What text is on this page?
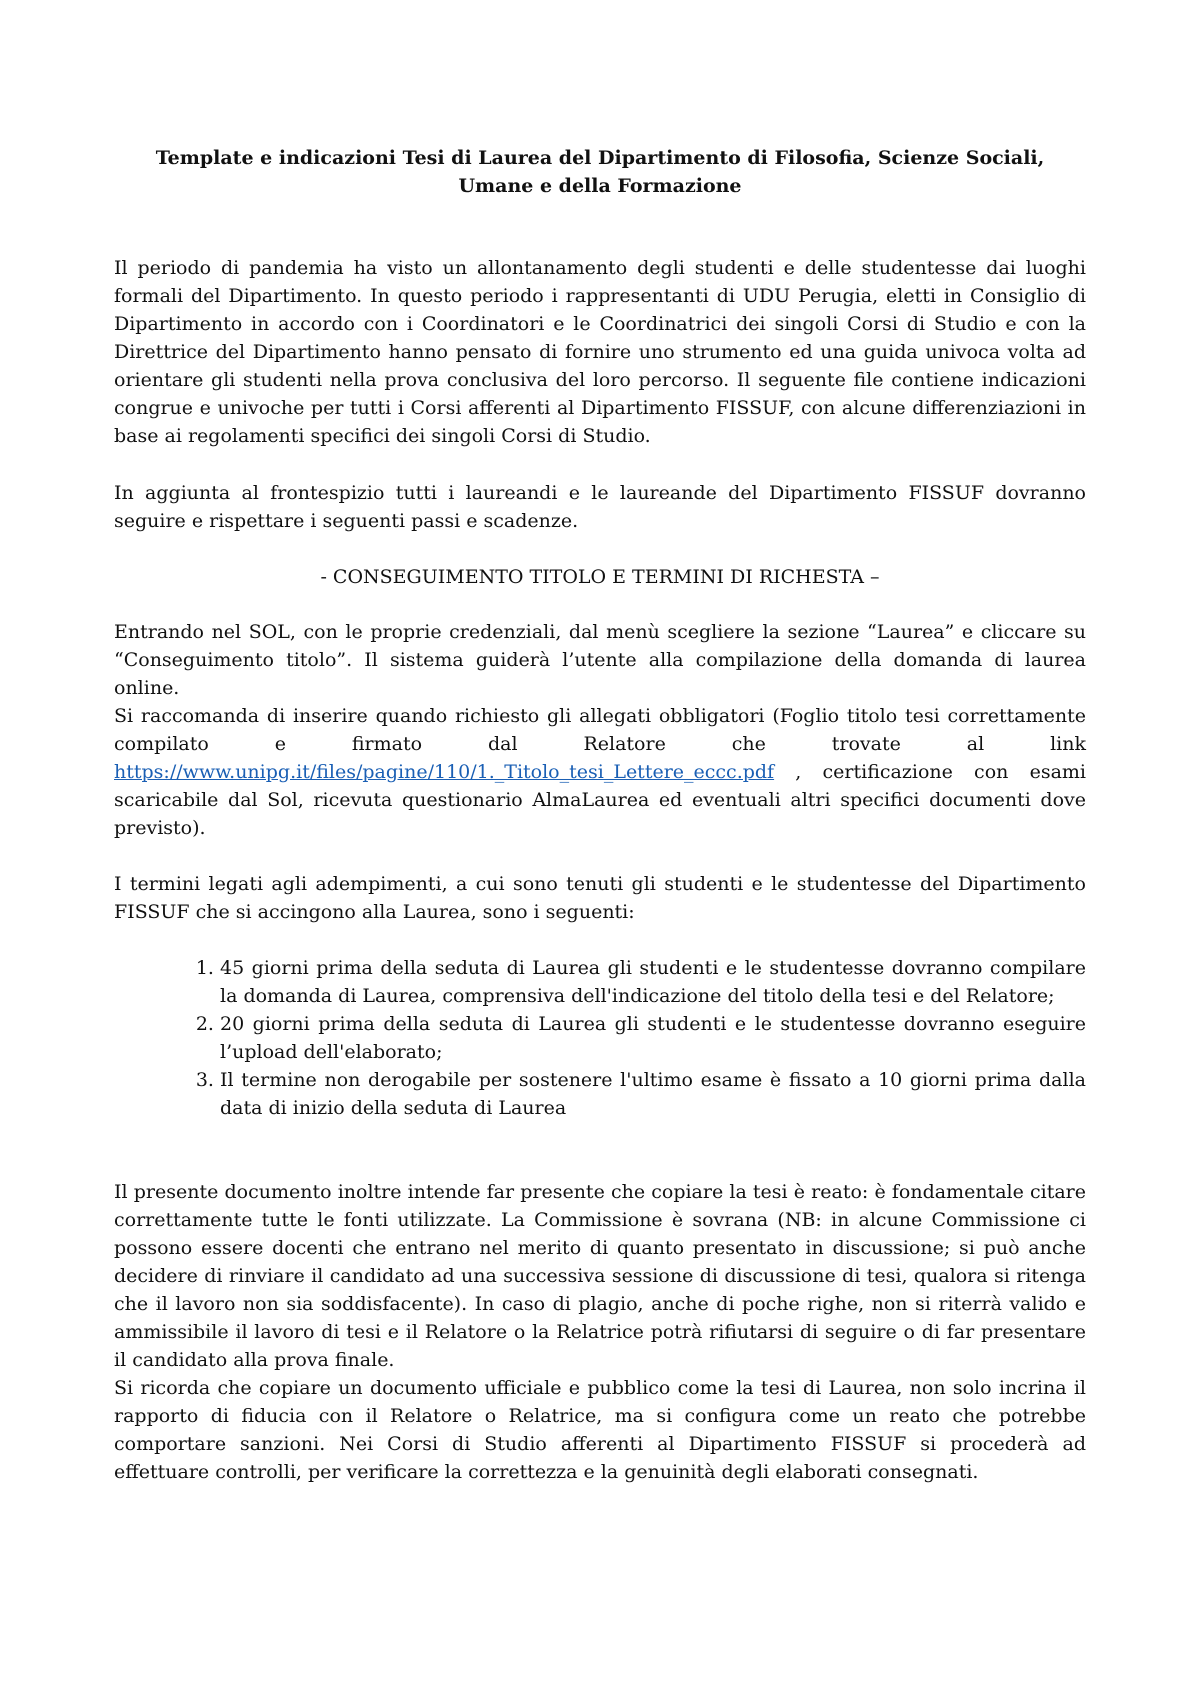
Template e indicazioni Tesi di Laurea del Dipartimento di Filosofia, Scienze Sociali,
Umane e della Formazione

Il periodo di pandemia ha visto un allontanamento degli studenti e delle studentesse dai luoghi formali del Dipartimento. In questo periodo i rappresentanti di UDU Perugia, eletti in Consiglio di Dipartimento in accordo con i Coordinatori e le Coordinatrici dei singoli Corsi di Studio e con la Direttrice del Dipartimento hanno pensato di fornire uno strumento ed una guida univoca volta ad orientare gli studenti nella prova conclusiva del loro percorso. Il seguente file contiene indicazioni congrue e univoche per tutti i Corsi afferenti al Dipartimento FISSUF, con alcune differenziazioni in base ai regolamenti specifici dei singoli Corsi di Studio.

In aggiunta al frontespizio tutti i laureandi e le laureande del Dipartimento FISSUF dovranno seguire e rispettare i seguenti passi e scadenze.

- CONSEGUIMENTO TITOLO E TERMINI DI RICHESTA –

Entrando nel SOL, con le proprie credenziali, dal menù scegliere la sezione “Laurea” e cliccare su “Conseguimento titolo”. Il sistema guiderà l’utente alla compilazione della domanda di laurea online.

Si raccomanda di inserire quando richiesto gli allegati obbligatori (Foglio titolo tesi correttamente compilato e firmato dal Relatore che trovate al link https://www.unipg.it/files/pagine/110/1._Titolo_tesi_Lettere_eccc.pdf , certificazione con esami scaricabile dal Sol, ricevuta questionario AlmaLaurea ed eventuali altri specifici documenti dove previsto).

I termini legati agli adempimenti, a cui sono tenuti gli studenti e le studentesse del Dipartimento FISSUF che si accingono alla Laurea, sono i seguenti:

1. 45 giorni prima della seduta di Laurea gli studenti e le studentesse dovranno compilare la domanda di Laurea, comprensiva dell'indicazione del titolo della tesi e del Relatore;
2. 20 giorni prima della seduta di Laurea gli studenti e le studentesse dovranno eseguire l’upload dell'elaborato;
3. Il termine non derogabile per sostenere l'ultimo esame è fissato a 10 giorni prima dalla data di inizio della seduta di Laurea

Il presente documento inoltre intende far presente che copiare la tesi è reato: è fondamentale citare correttamente tutte le fonti utilizzate. La Commissione è sovrana (NB: in alcune Commissione ci possono essere docenti che entrano nel merito di quanto presentato in discussione; si può anche decidere di rinviare il candidato ad una successiva sessione di discussione di tesi, qualora si ritenga che il lavoro non sia soddisfacente). In caso di plagio, anche di poche righe, non si riterrà valido e ammissibile il lavoro di tesi e il Relatore o la Relatrice potrà rifiutarsi di seguire o di far presentare il candidato alla prova finale.

Si ricorda che copiare un documento ufficiale e pubblico come la tesi di Laurea, non solo incrina il rapporto di fiducia con il Relatore o Relatrice, ma si configura come un reato che potrebbe comportare sanzioni. Nei Corsi di Studio afferenti al Dipartimento FISSUF si procederà ad effettuare controlli, per verificare la correttezza e la genuinità degli elaborati consegnati.
